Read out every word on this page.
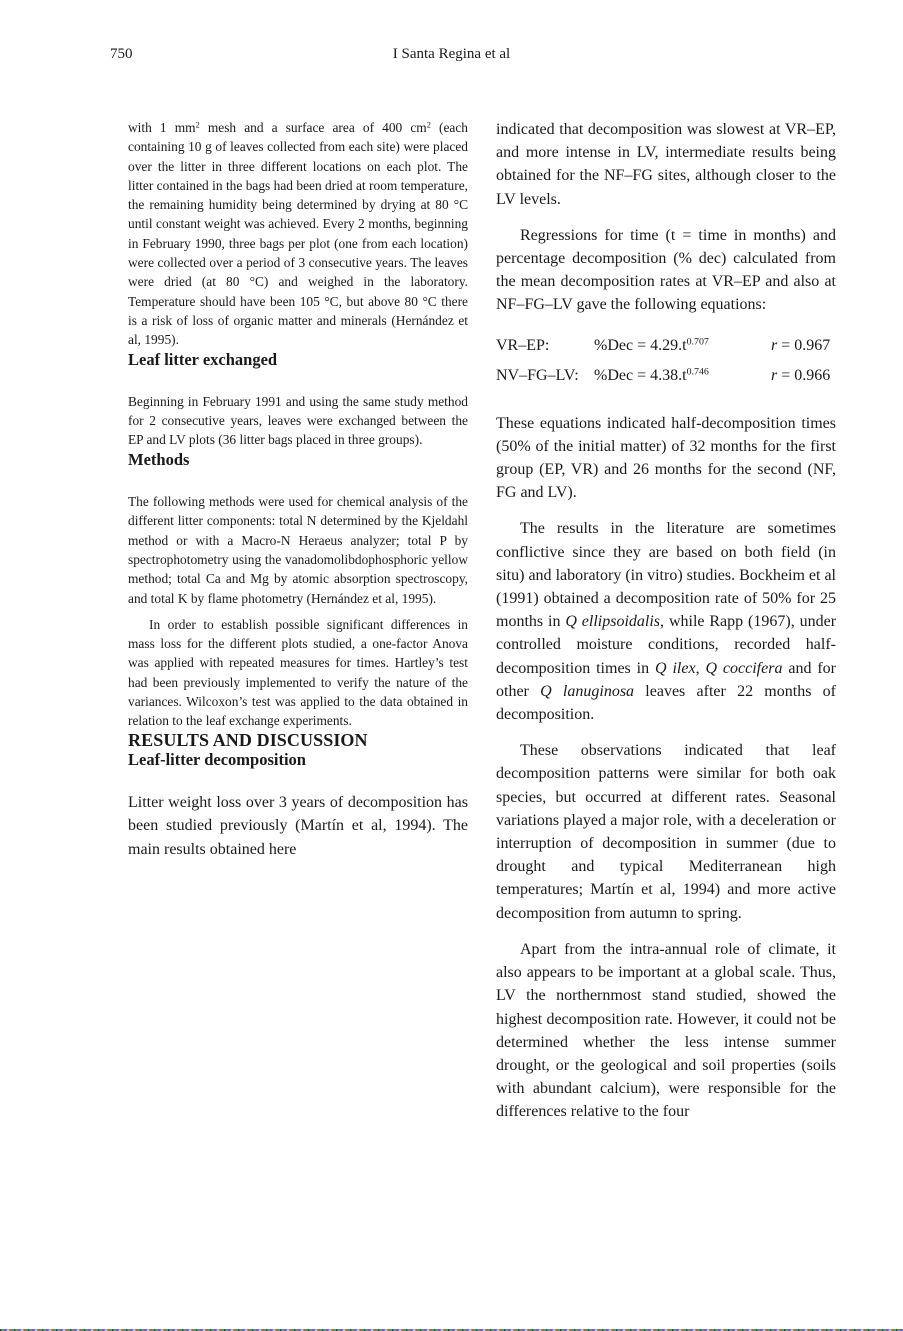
750	I Santa Regina et al

with 1 $mm^2$ mesh and a surface area of 400 $cm^2$ (each containing 10 g of leaves collected from each site) were placed over the litter in three different locations on each plot. The litter contained in the bags had been dried at room temperature, the remaining humidity being determined by drying at 80 °C until constant weight was achieved. Every 2 months, beginning in February 1990, three bags per plot (one from each location) were collected over a period of 3 consecutive years. The leaves were dried (at 80 °C) and weighed in the laboratory. Temperature should have been 105 °C, but above 80 °C there is a risk of loss of organic matter and minerals (Hernández et al, 1995).

Leaf litter exchanged

Beginning in February 1991 and using the same study method for 2 consecutive years, leaves were exchanged between the EP and LV plots (36 litter bags placed in three groups).

Methods

The following methods were used for chemical analysis of the different litter components: total N determined by the Kjeldahl method or with a Macro-N Heraeus analyzer; total P by spectrophotometry using the vanadomolibdophosphoric yellow method; total Ca and Mg by atomic absorption spectroscopy, and total K by flame photometry (Hernández et al, 1995).

In order to establish possible significant differences in mass loss for the different plots studied, a one-factor Anova was applied with repeated measures for times. Hartley’s test had been previously implemented to verify the nature of the variances. Wilcoxon’s test was applied to the data obtained in relation to the leaf exchange experiments.

RESULTS AND DISCUSSION
Leaf-litter decomposition

Litter weight loss over 3 years of decomposition has been studied previously (Martín et al, 1994). The main results obtained here

indicated that decomposition was slowest at VR–EP, and more intense in LV, intermediate results being obtained for the NF–FG sites, although closer to the LV levels.

Regressions for time (t = time in months) and percentage decomposition (% dec) calculated from the mean decomposition rates at VR–EP and also at NF–FG–LV gave the following equations:

VR–EP:	$\%Dec = 4.29.t^{0.707}$	r = 0.967
NV–FG–LV: $\%Dec = 4.38.t^{0.746}$	r = 0.966

These equations indicated half-decomposition times (50% of the initial matter) of 32 months for the first group (EP, VR) and 26 months for the second (NF, FG and LV).

The results in the literature are sometimes conflictive since they are based on both field (in situ) and laboratory (in vitro) studies. Bockheim et al (1991) obtained a decomposition rate of 50% for 25 months in Q ellipsoidalis, while Rapp (1967), under controlled moisture conditions, recorded half-decomposition times in Q ilex, Q coccifera and for other Q lanuginosa leaves after 22 months of decomposition.

These observations indicated that leaf decomposition patterns were similar for both oak species, but occurred at different rates. Seasonal variations played a major role, with a deceleration or interruption of decomposition in summer (due to drought and typical Mediterranean high temperatures; Martín et al, 1994) and more active decomposition from autumn to spring.

Apart from the intra-annual role of climate, it also appears to be important at a global scale. Thus, LV the northernmost stand studied, showed the highest decomposition rate. However, it could not be determined whether the less intense summer drought, or the geological and soil properties (soils with abundant calcium), were responsible for the differences relative to the four
